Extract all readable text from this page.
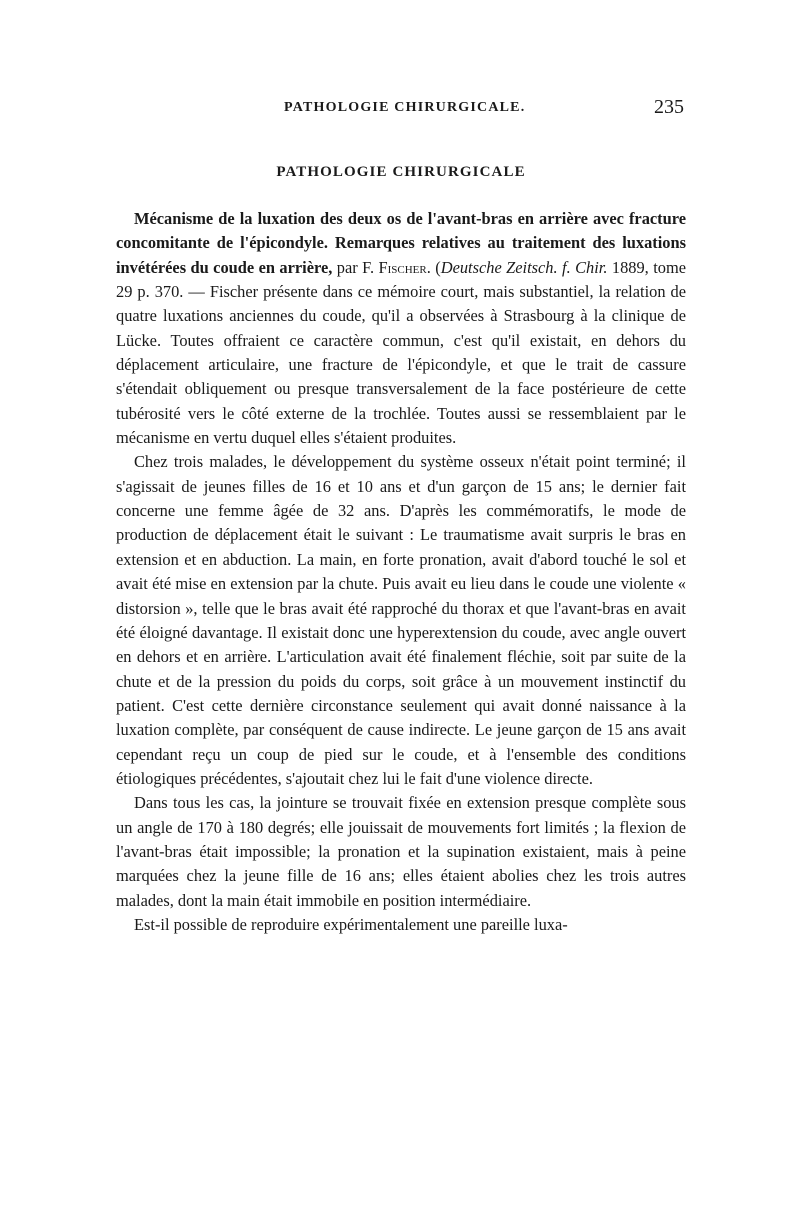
PATHOLOGIE CHIRURGICALE.	235
PATHOLOGIE CHIRURGICALE

Mécanisme de la luxation des deux os de l'avant-bras en arrière avec fracture concomitante de l'épicondyle. Remarques relatives au traitement des luxations invétérées du coude en arrière, par F. Fischer. (Deutsche Zeitsch. f. Chir. 1889, tome 29 p. 370. — Fischer présente dans ce mémoire court, mais substantiel, la relation de quatre luxations anciennes du coude, qu'il a observées à Strasbourg à la clinique de Lücke. Toutes offraient ce caractère commun, c'est qu'il existait, en dehors du déplacement articulaire, une fracture de l'épicondyle, et que le trait de cassure s'étendait obliquement ou presque transversalement de la face postérieure de cette tubérosité vers le côté externe de la trochlée. Toutes aussi se ressemblaient par le mécanisme en vertu duquel elles s'étaient produites.

Chez trois malades, le développement du système osseux n'était point terminé; il s'agissait de jeunes filles de 16 et 10 ans et d'un garçon de 15 ans; le dernier fait concerne une femme âgée de 32 ans. D'après les commémoratifs, le mode de production de déplacement était le suivant : Le traumatisme avait surpris le bras en extension et en abduction. La main, en forte pronation, avait d'abord touché le sol et avait été mise en extension par la chute. Puis avait eu lieu dans le coude une violente « distorsion », telle que le bras avait été rapproché du thorax et que l'avant-bras en avait été éloigné davantage. Il existait donc une hyperextension du coude, avec angle ouvert en dehors et en arrière. L'articulation avait été finalement fléchie, soit par suite de la chute et de la pression du poids du corps, soit grâce à un mouvement instinctif du patient. C'est cette dernière circonstance seulement qui avait donné naissance à la luxation complète, par conséquent de cause indirecte. Le jeune garçon de 15 ans avait cependant reçu un coup de pied sur le coude, et à l'ensemble des conditions étiologiques précédentes, s'ajoutait chez lui le fait d'une violence directe.

Dans tous les cas, la jointure se trouvait fixée en extension presque complète sous un angle de 170 à 180 degrés; elle jouissait de mouvements fort limités ; la flexion de l'avant-bras était impossible; la pronation et la supination existaient, mais à peine marquées chez la jeune fille de 16 ans; elles étaient abolies chez les trois autres malades, dont la main était immobile en position intermédiaire.

Est-il possible de reproduire expérimentalement une pareille luxa-
